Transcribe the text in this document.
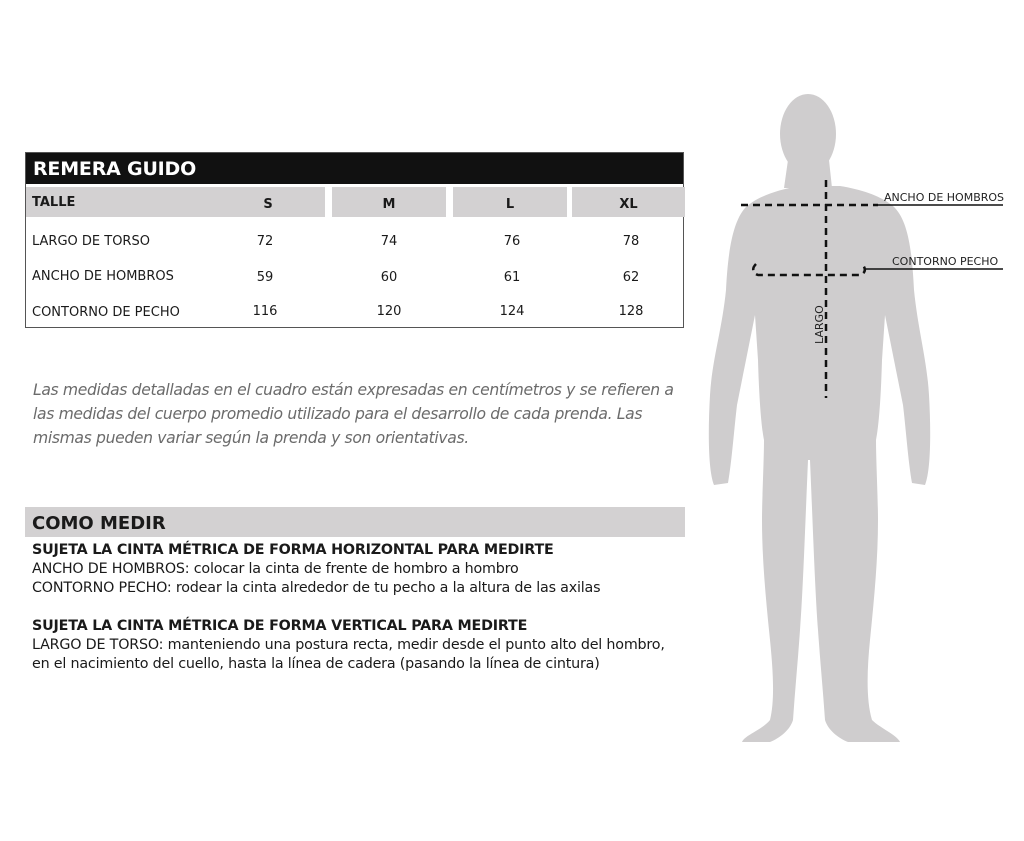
REMERA GUIDO
TALLE	S	M	L	XL
LARGO DE TORSO	72	74	76	78
ANCHO DE HOMBROS	59	60	61	62
CONTORNO DE PECHO	116	120	124	128
Las medidas detalladas en el cuadro están expresadas en centímetros y se refieren a las medidas del cuerpo promedio utilizado para el desarrollo de cada prenda. Las mismas pueden variar según la prenda y son orientativas.
COMO MEDIR
SUJETA LA CINTA MÉTRICA DE FORMA HORIZONTAL PARA MEDIRTE
ANCHO DE HOMBROS: colocar la cinta de frente de hombro a hombro
CONTORNO PECHO: rodear la cinta alrededor de tu pecho a la altura de las axilas
SUJETA LA CINTA MÉTRICA DE FORMA VERTICAL PARA MEDIRTE
LARGO DE TORSO: manteniendo una postura recta, medir desde el punto alto del hombro,
en el nacimiento del cuello, hasta la línea de cadera (pasando la línea de cintura)
ANCHO DE HOMBROS
CONTORNO PECHO
LARGO
